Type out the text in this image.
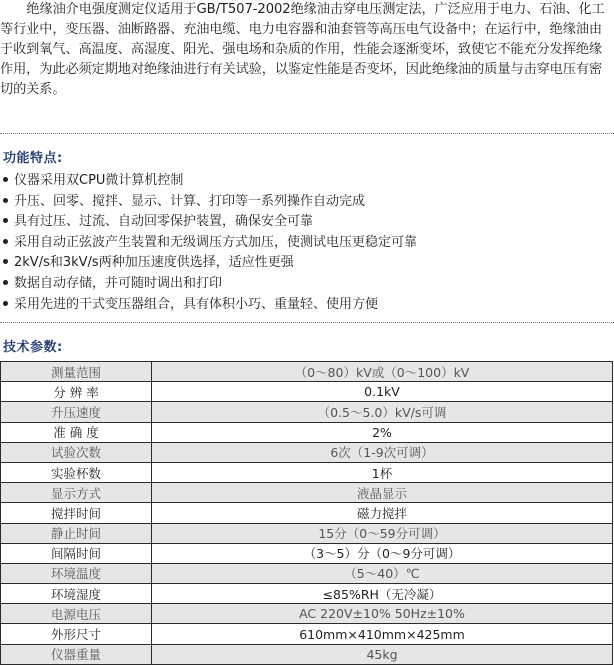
绝缘油介电强度测定仪适用于GB/T507-2002绝缘油击穿电压测定法，广泛应用于电力、石油、化工等行业中，变压器、油断路器、充油电缆、电力电容器和油套管等高压电气设备中；在运行中，绝缘油由于收到氧气、高温度、高湿度、阳光、强电场和杂质的作用，性能会逐渐变坏，致使它不能充分发挥绝缘作用，为此必须定期地对绝缘油进行有关试验，以鉴定性能是否变坏，因此绝缘油的质量与击穿电压有密切的关系。

功能特点:
仪器采用双CPU微计算机控制
升压、回零、搅拌、显示、计算、打印等一系列操作自动完成
具有过压、过流、自动回零保护装置，确保安全可靠
采用自动正弦波产生装置和无级调压方式加压，使测试电压更稳定可靠
2kV/s和3kV/s两种加压速度供选择，适应性更强
数据自动存储，并可随时调出和打印
采用先进的干式变压器组合，具有体积小巧、重量轻、使用方便
技术参数:
测量范围	（0～80）kV或（0～100）kV
分 辨 率	0.1kV
升压速度	（0.5～5.0）kV/s可调
准 确 度	2%
试验次数	6次（1-9次可调）
实验杯数	1杯
显示方式	液晶显示
搅拌时间	磁力搅拌
静止时间	15分（0～59分可调）
间隔时间	（3～5）分（0～9分可调）
环境温度	（5～40）℃
环境湿度	≤85%RH（无冷凝）
电源电压	AC 220V±10% 50Hz±10%
外形尺寸	610mm×410mm×425mm
仪器重量	45kg
